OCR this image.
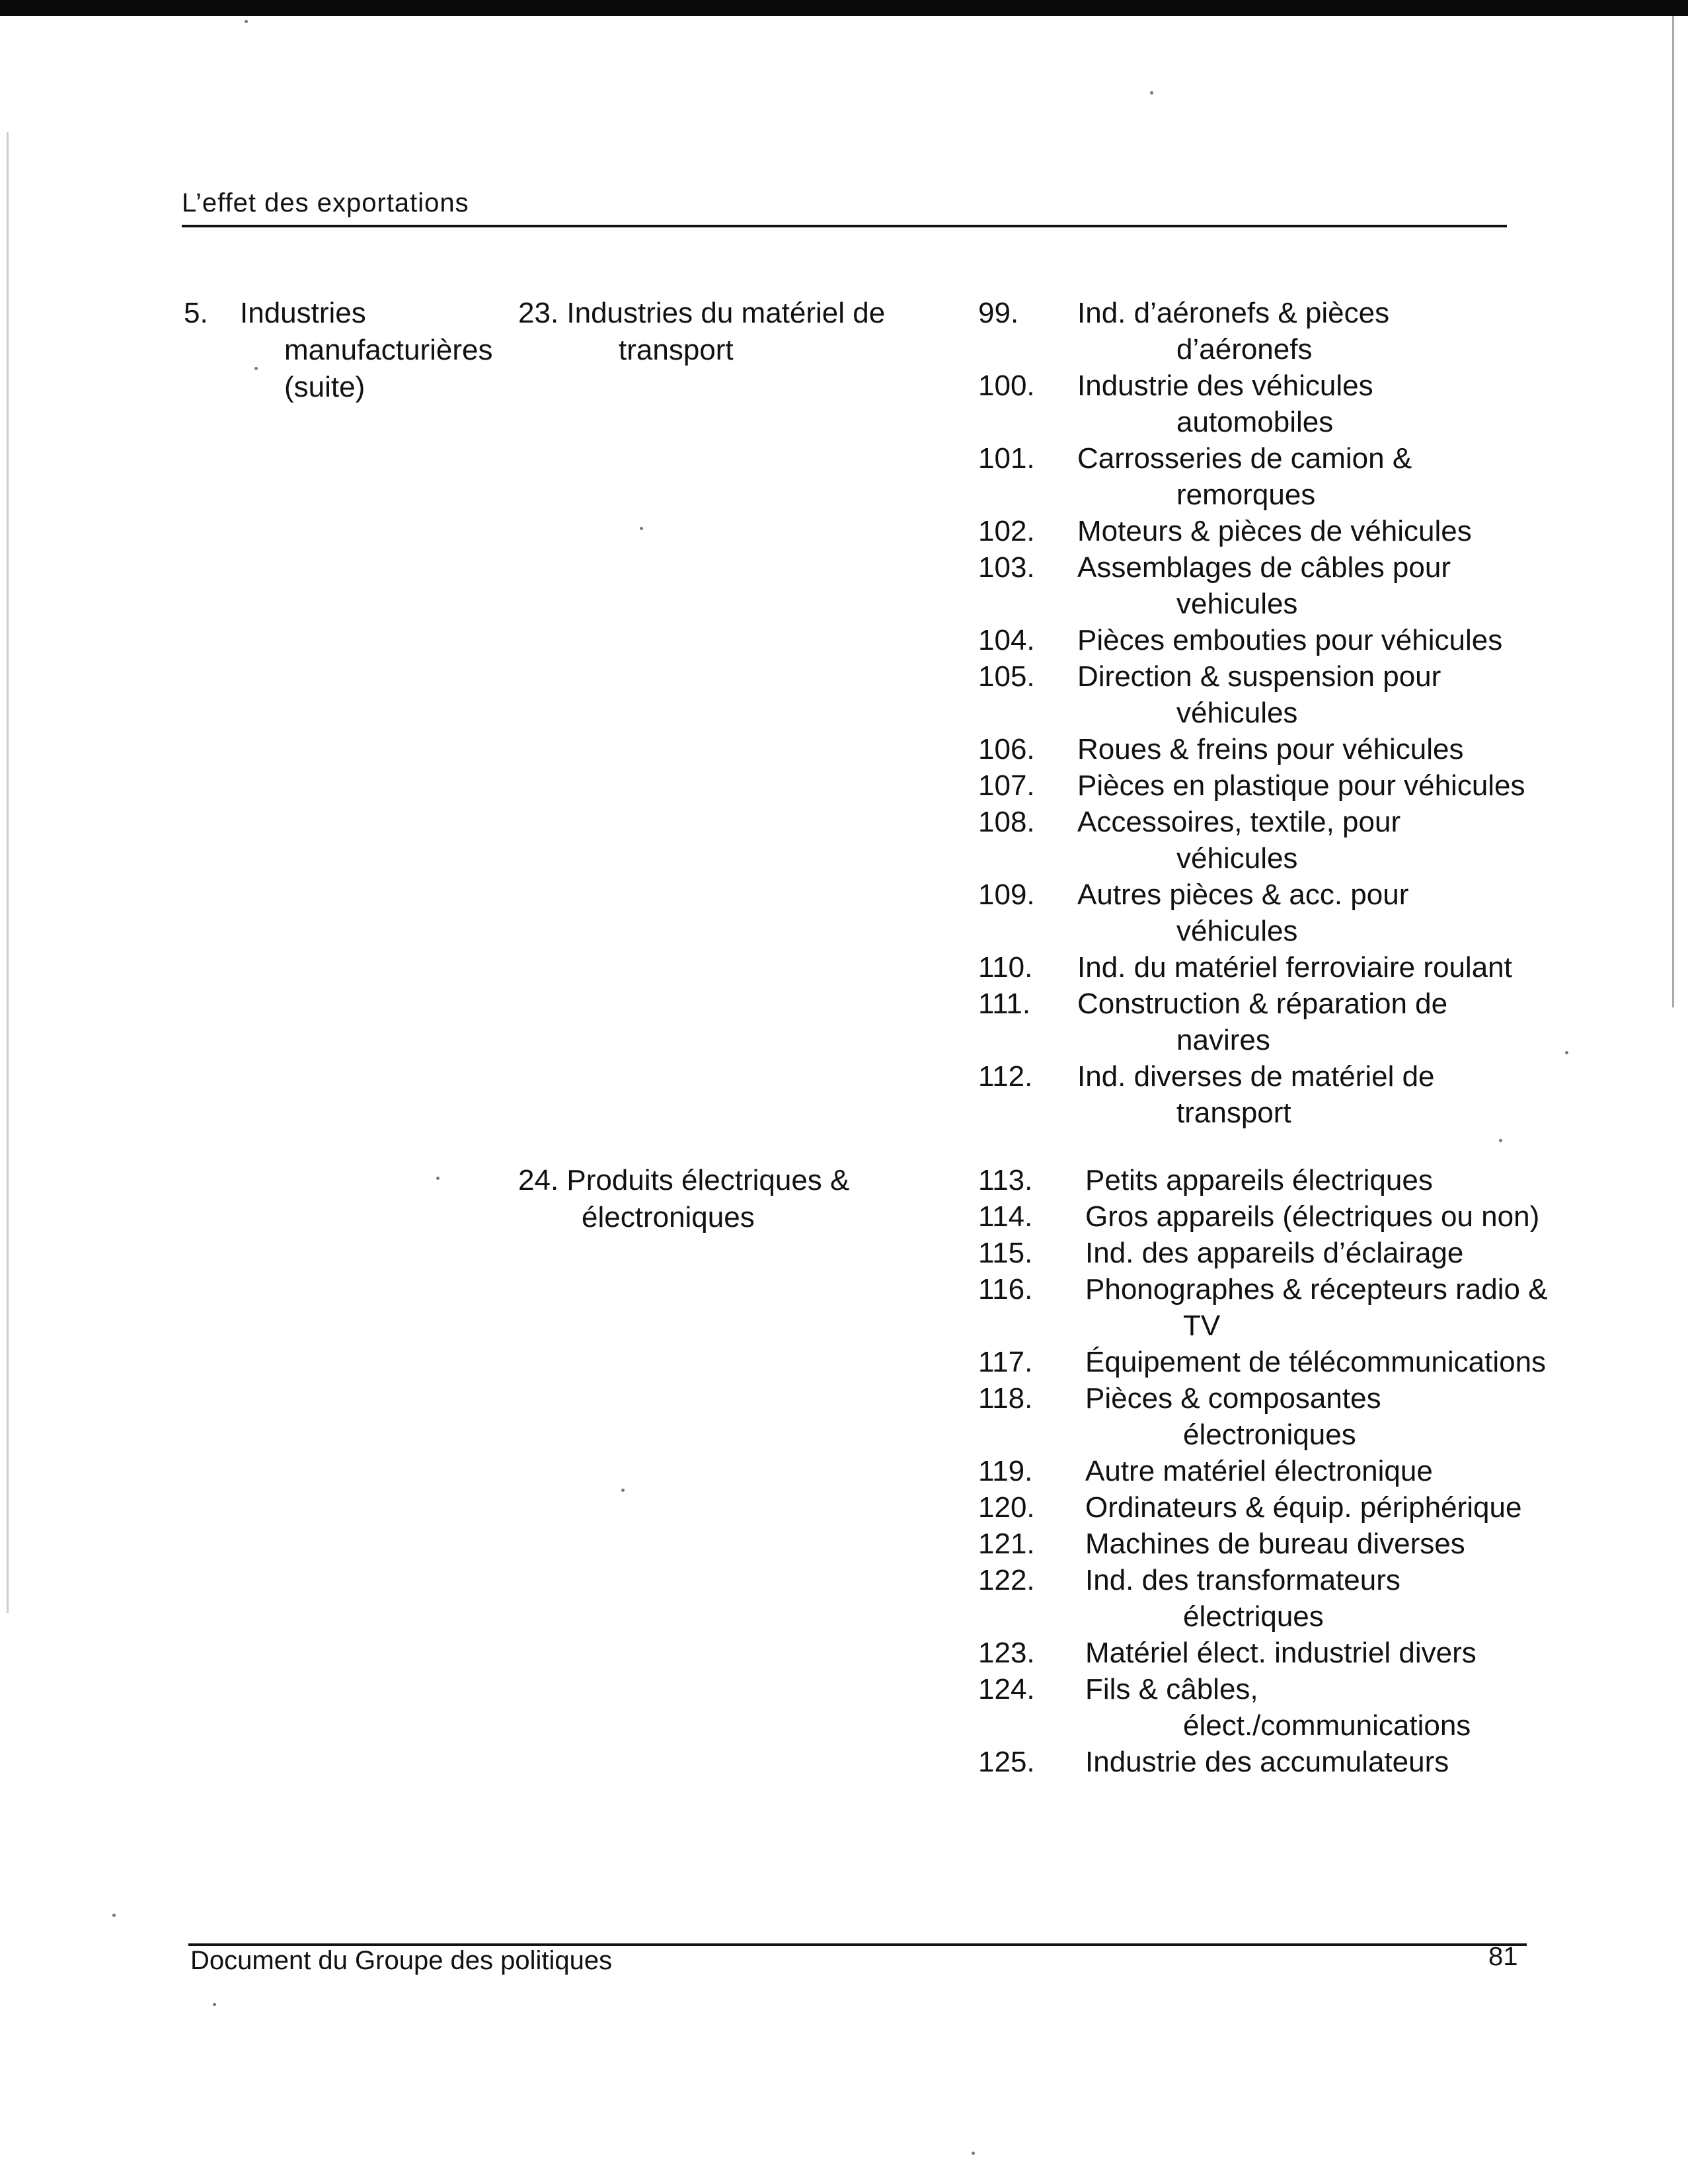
L’effet des exportations
5. Industries
manufacturières
(suite)
23. Industries du matériel de
transport
24. Produits électriques &
électroniques
99.	Ind. d’aéronefs & pièces
d’aéronefs
100.	Industrie des véhicules
automobiles
101.	Carrosseries de camion &
remorques
102.	Moteurs & pièces de véhicules
103.	Assemblages de câbles pour
vehicules
104.	Pièces embouties pour véhicules
105.	Direction & suspension pour
véhicules
106.	Roues & freins pour véhicules
107.	Pièces en plastique pour véhicules
108.	Accessoires, textile, pour
véhicules
109.	Autres pièces & acc. pour
véhicules
110.	Ind. du matériel ferroviaire roulant
111.	Construction & réparation de
navires
112.	Ind. diverses de matériel de
transport
113.	Petits appareils électriques
114.	Gros appareils (électriques ou non)
115.	Ind. des appareils d’éclairage
116.	Phonographes & récepteurs radio &
TV
117.	Équipement de télécommunications
118.	Pièces & composantes
électroniques
119.	Autre matériel électronique
120.	Ordinateurs & équip. périphérique
121.	Machines de bureau diverses
122.	Ind. des transformateurs
électriques
123.	Matériel élect. industriel divers
124.	Fils & câbles,
élect./communications
125.	Industrie des accumulateurs
Document du Groupe des politiques	81
